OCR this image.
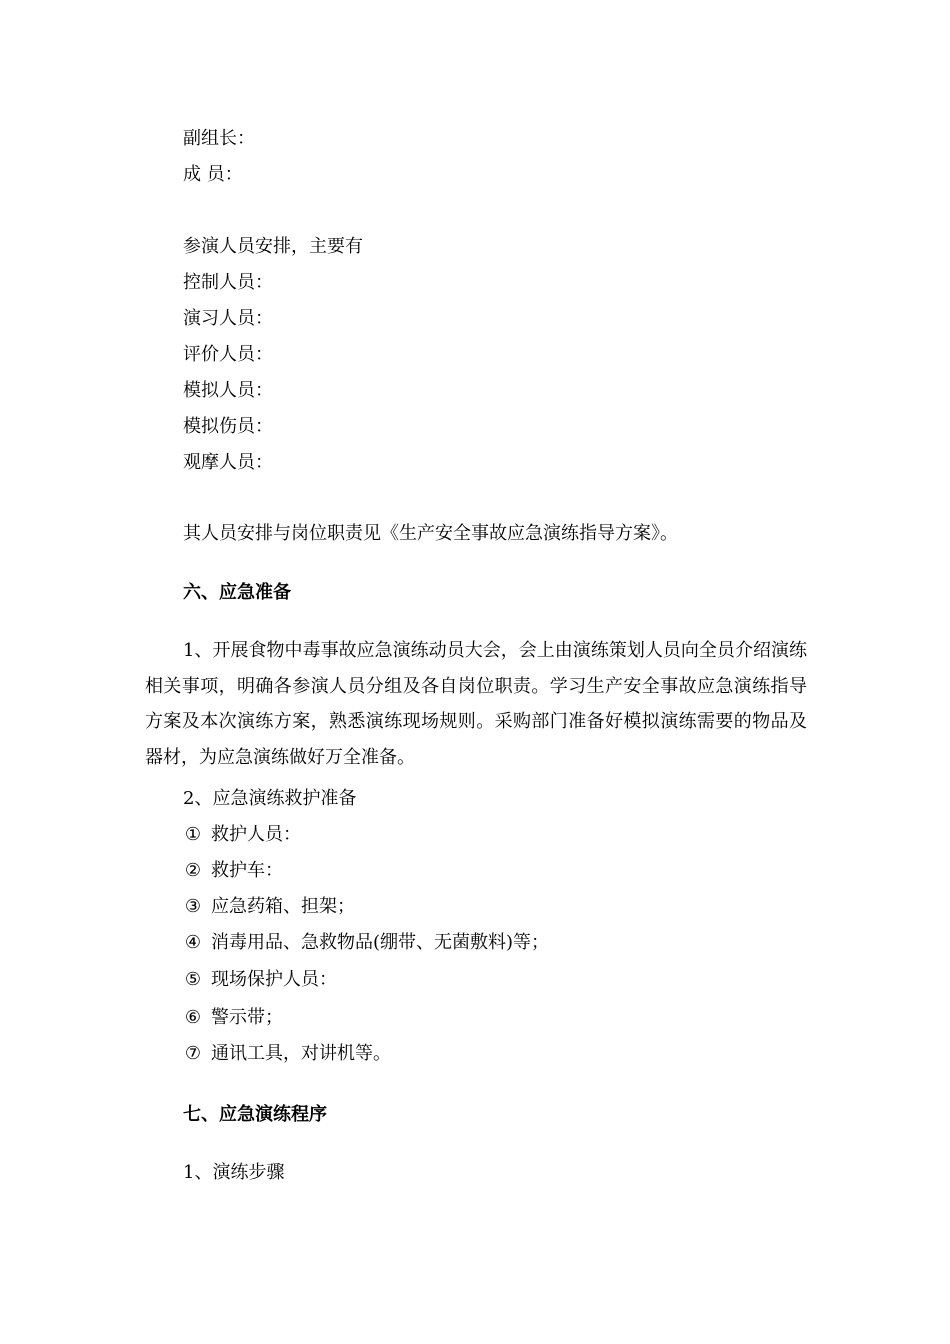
副组长：
成 员：
参演人员安排，主要有
控制人员：
演习人员：
评价人员：
模拟人员：
模拟伤员：
观摩人员：
其人员安排与岗位职责见《生产安全事故应急演练指导方案》。
六、应急准备
1、开展食物中毒事故应急演练动员大会，会上由演练策划人员向全员介绍演练相关事项，明确各参演人员分组及各自岗位职责。学习生产安全事故应急演练指导方案及本次演练方案，熟悉演练现场规则。采购部门准备好模拟演练需要的物品及器材，为应急演练做好万全准备。
2、应急演练救护准备
① 救护人员：
② 救护车：
③ 应急药箱、担架；
④ 消毒用品、急救物品(绷带、无菌敷料)等；
⑤ 现场保护人员：
⑥ 警示带；
⑦ 通讯工具，对讲机等。
七、应急演练程序
1、演练步骤
